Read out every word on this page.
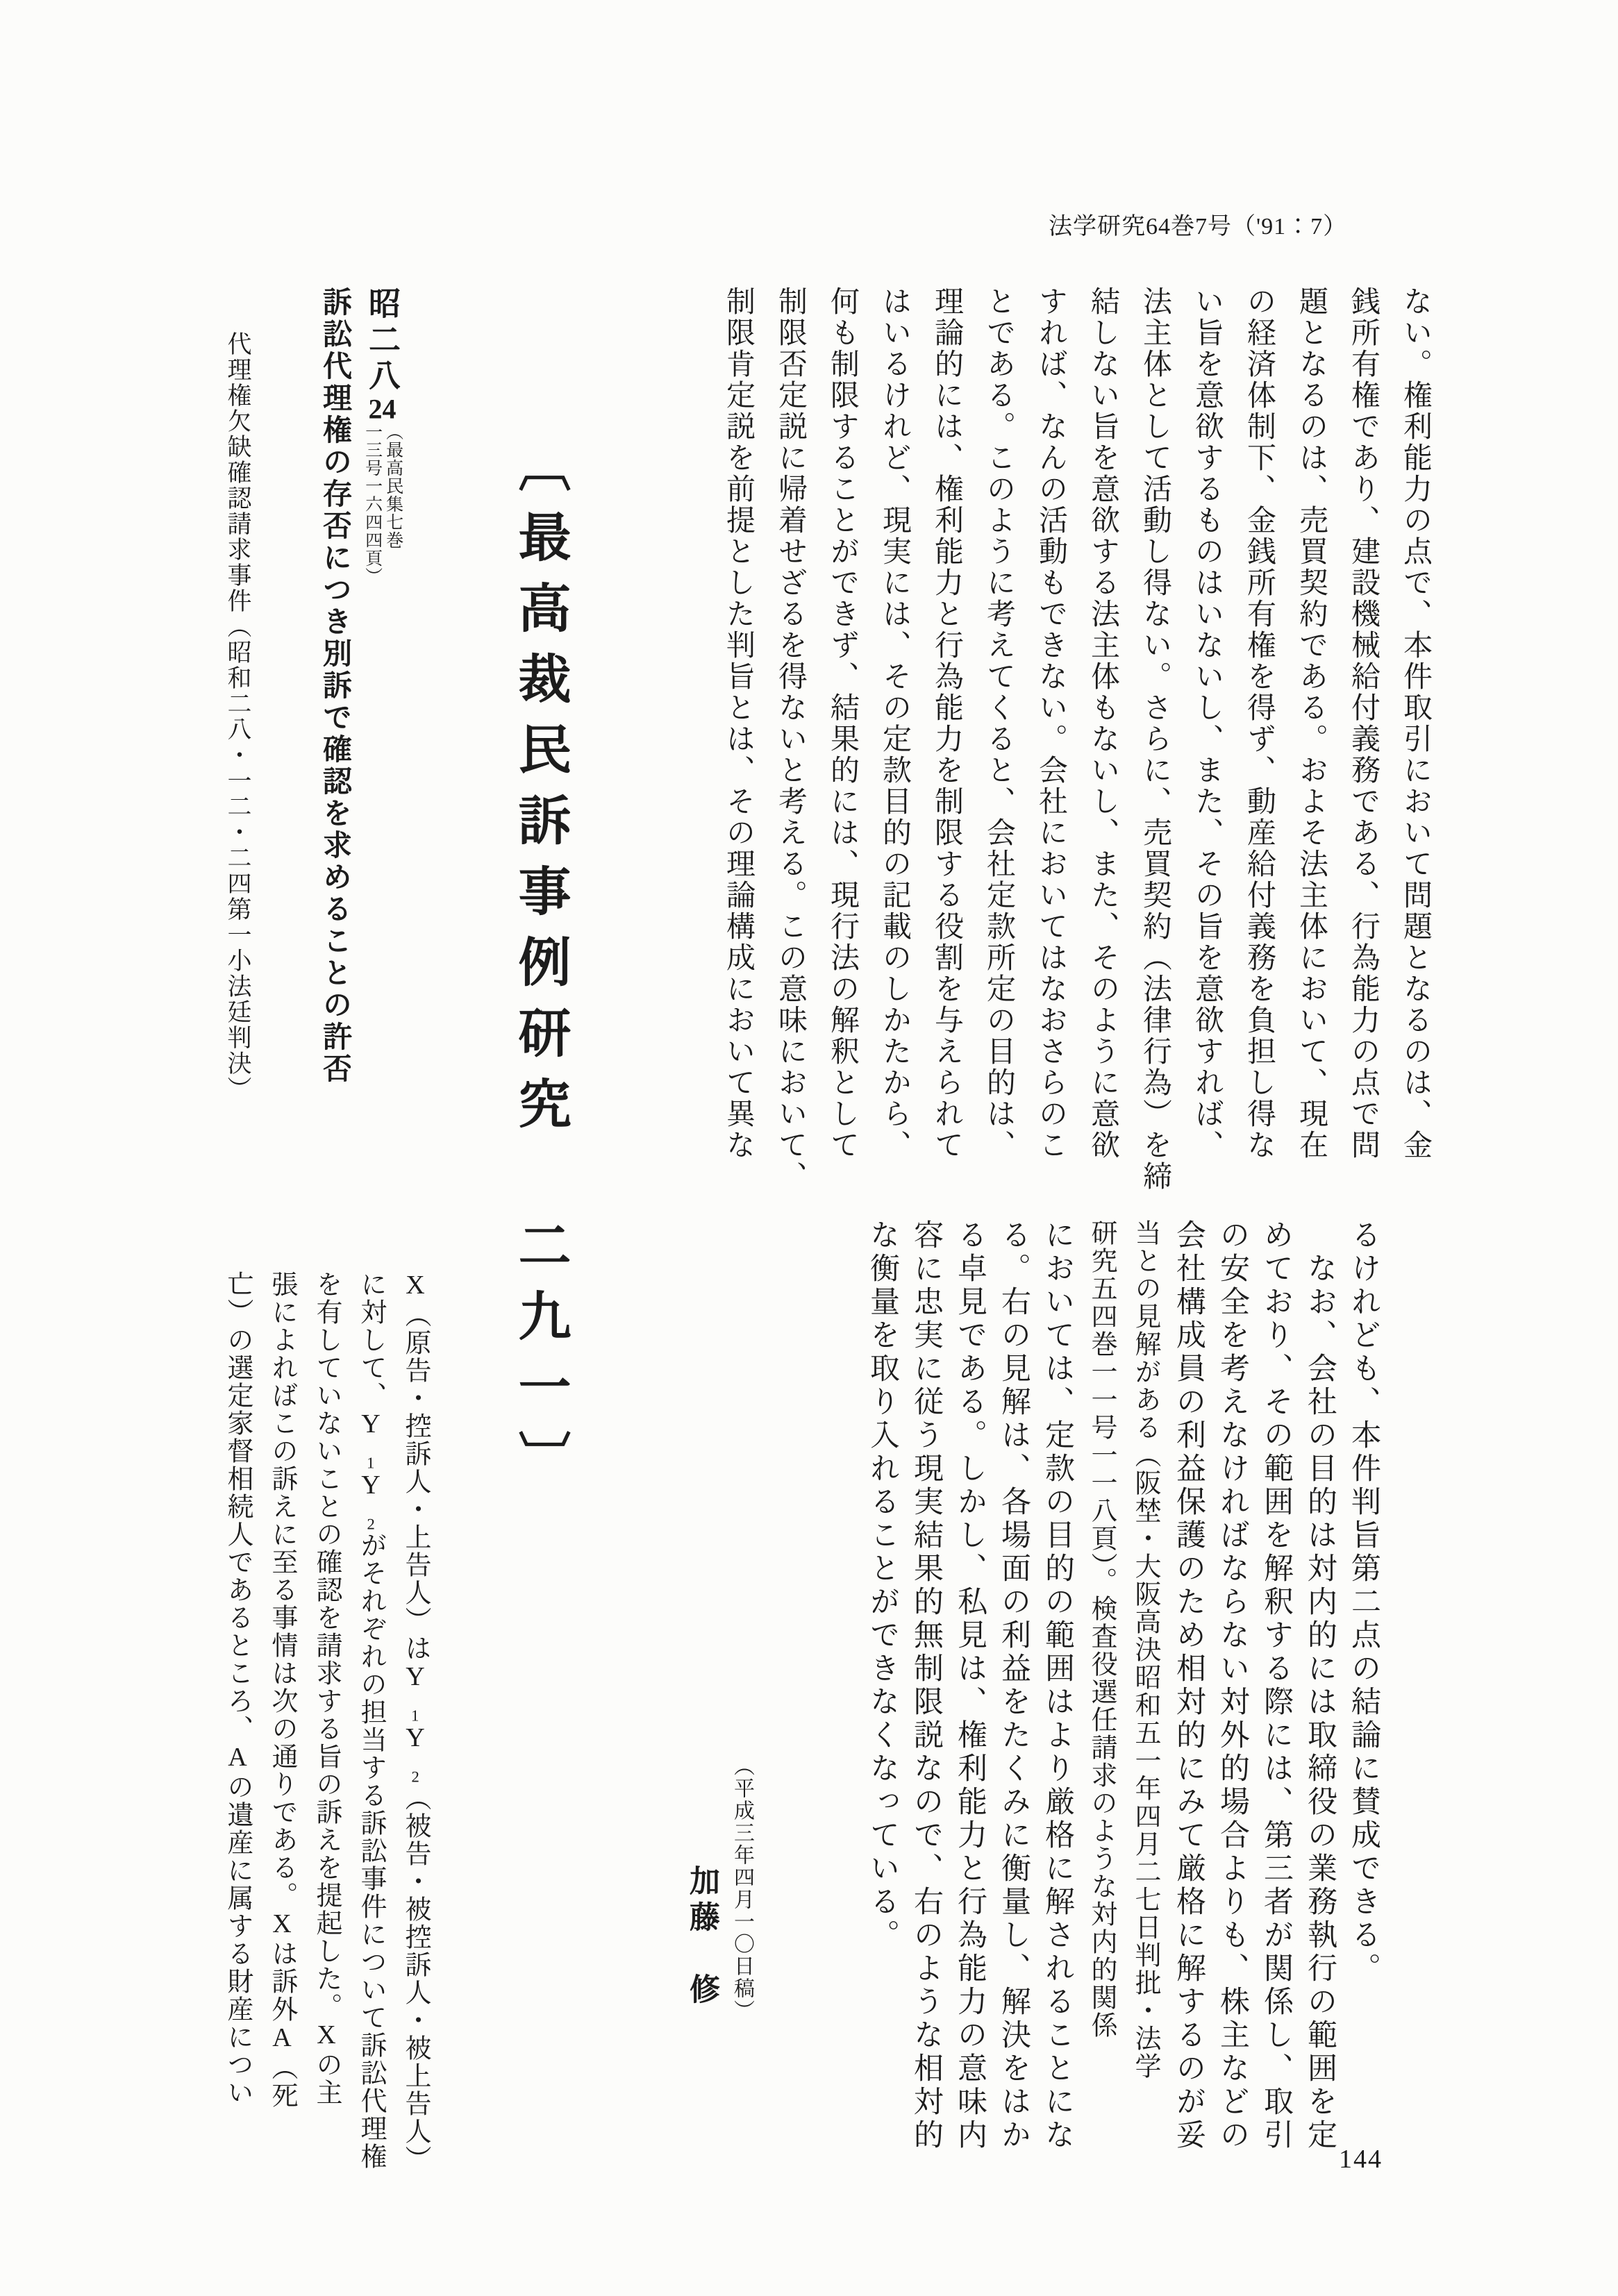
法学研究64巻7号（'91：7）
ない。権利能力の点で、本件取引において問題となるのは、金
銭所有権であり、建設機械給付義務である、行為能力の点で問
題となるのは、売買契約である。およそ法主体において、現在
の経済体制下、金銭所有権を得ず、動産給付義務を負担し得な
い旨を意欲するものはいないし、また、その旨を意欲すれば、
法主体として活動し得ない。さらに、売買契約（法律行為）を締
結しない旨を意欲する法主体もないし、また、そのように意欲
すれば、なんの活動もできない。会社においてはなおさらのこ
とである。このように考えてくると、会社定款所定の目的は、
理論的には、権利能力と行為能力を制限する役割を与えられて
はいるけれど、現実には、その定款目的の記載のしかたから、
何も制限することができず、結果的には、現行法の解釈として
制限否定説に帰着せざるを得ないと考える。この意味において、
制限肯定説を前提とした判旨とは、その理論構成において異な
るけれども、本件判旨第二点の結論に賛成できる。
　なお、会社の目的は対内的には取締役の業務執行の範囲を定
めており、その範囲を解釈する際には、第三者が関係し、取引
の安全を考えなければならない対外的場合よりも、株主などの
会社構成員の利益保護のため相対的にみて厳格に解するのが妥
当との見解がある（阪埜・大阪高決昭和五一年四月二七日判批・法学
研究五四巻一一号一一八頁）。検査役選任請求のような対内的関係
においては、定款の目的の範囲はより厳格に解されることにな
る。右の見解は、各場面の利益をたくみに衡量し、解決をはか
る卓見である。しかし、私見は、権利能力と行為能力の意味内
容に忠実に従う現実結果的無制限説なので、右のような相対的
な衡量を取り入れることができなくなっている。
（平成三年四月一〇日稿）
加藤　修
〔最高裁民訴事例研究　二九一〕
昭二八24
（最高民集七巻
一三号一六四四頁）
訴訟代理権の存否につき別訴で確認を求めることの許否
代理権欠缺確認請求事件（昭和二八・一二・二四第一小法廷判決）
X（原告・控訴人・上告人）はY₁Y₂（被告・被控訴人・被上告人）
に対して、Y₁Y₂がそれぞれの担当する訴訟事件について訴訟代理権
を有していないことの確認を請求する旨の訴えを提起した。Xの主
張によればこの訴えに至る事情は次の通りである。Xは訴外A（死
亡）の選定家督相続人であるところ、Aの遺産に属する財産につい
144
